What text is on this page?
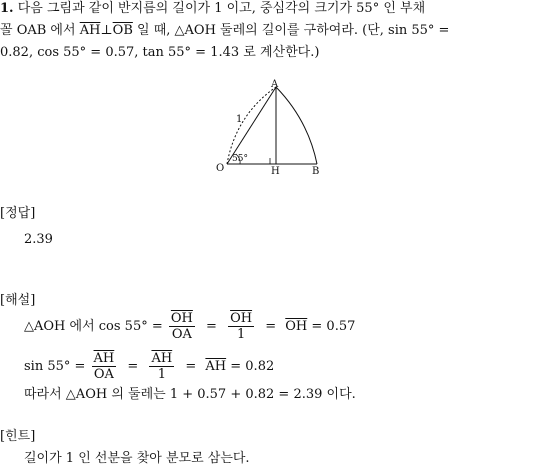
1. 다음 그림과 같이 반지름의 길이가 1 이고, 중심각의 크기가 55° 인 부채
꼴 OAB 에서 $\overline{AH}\perp\overline{OB}$ 일 때, △AOH 둘레의 길이를 구하여라. (단, sin 55° =
0.82, cos 55° = 0.57, tan 55° = 1.43 로 계산한다.)
A
O	H	B
1
55°
[정답]
2.39
[해설]
△AOH 에서 $\cos 55^\circ = \frac{\overline{OH}}{OA} = \frac{\overline{OH}}{1} = \overline{OH} = 0.57$
$\sin 55^\circ = \frac{\overline{AH}}{OA} = \frac{\overline{AH}}{1} = \overline{AH} = 0.82$
따라서 △AOH 의 둘레는 1 + 0.57 + 0.82 = 2.39 이다.
[힌트]
길이가 1 인 선분을 찾아 분모로 삼는다.
